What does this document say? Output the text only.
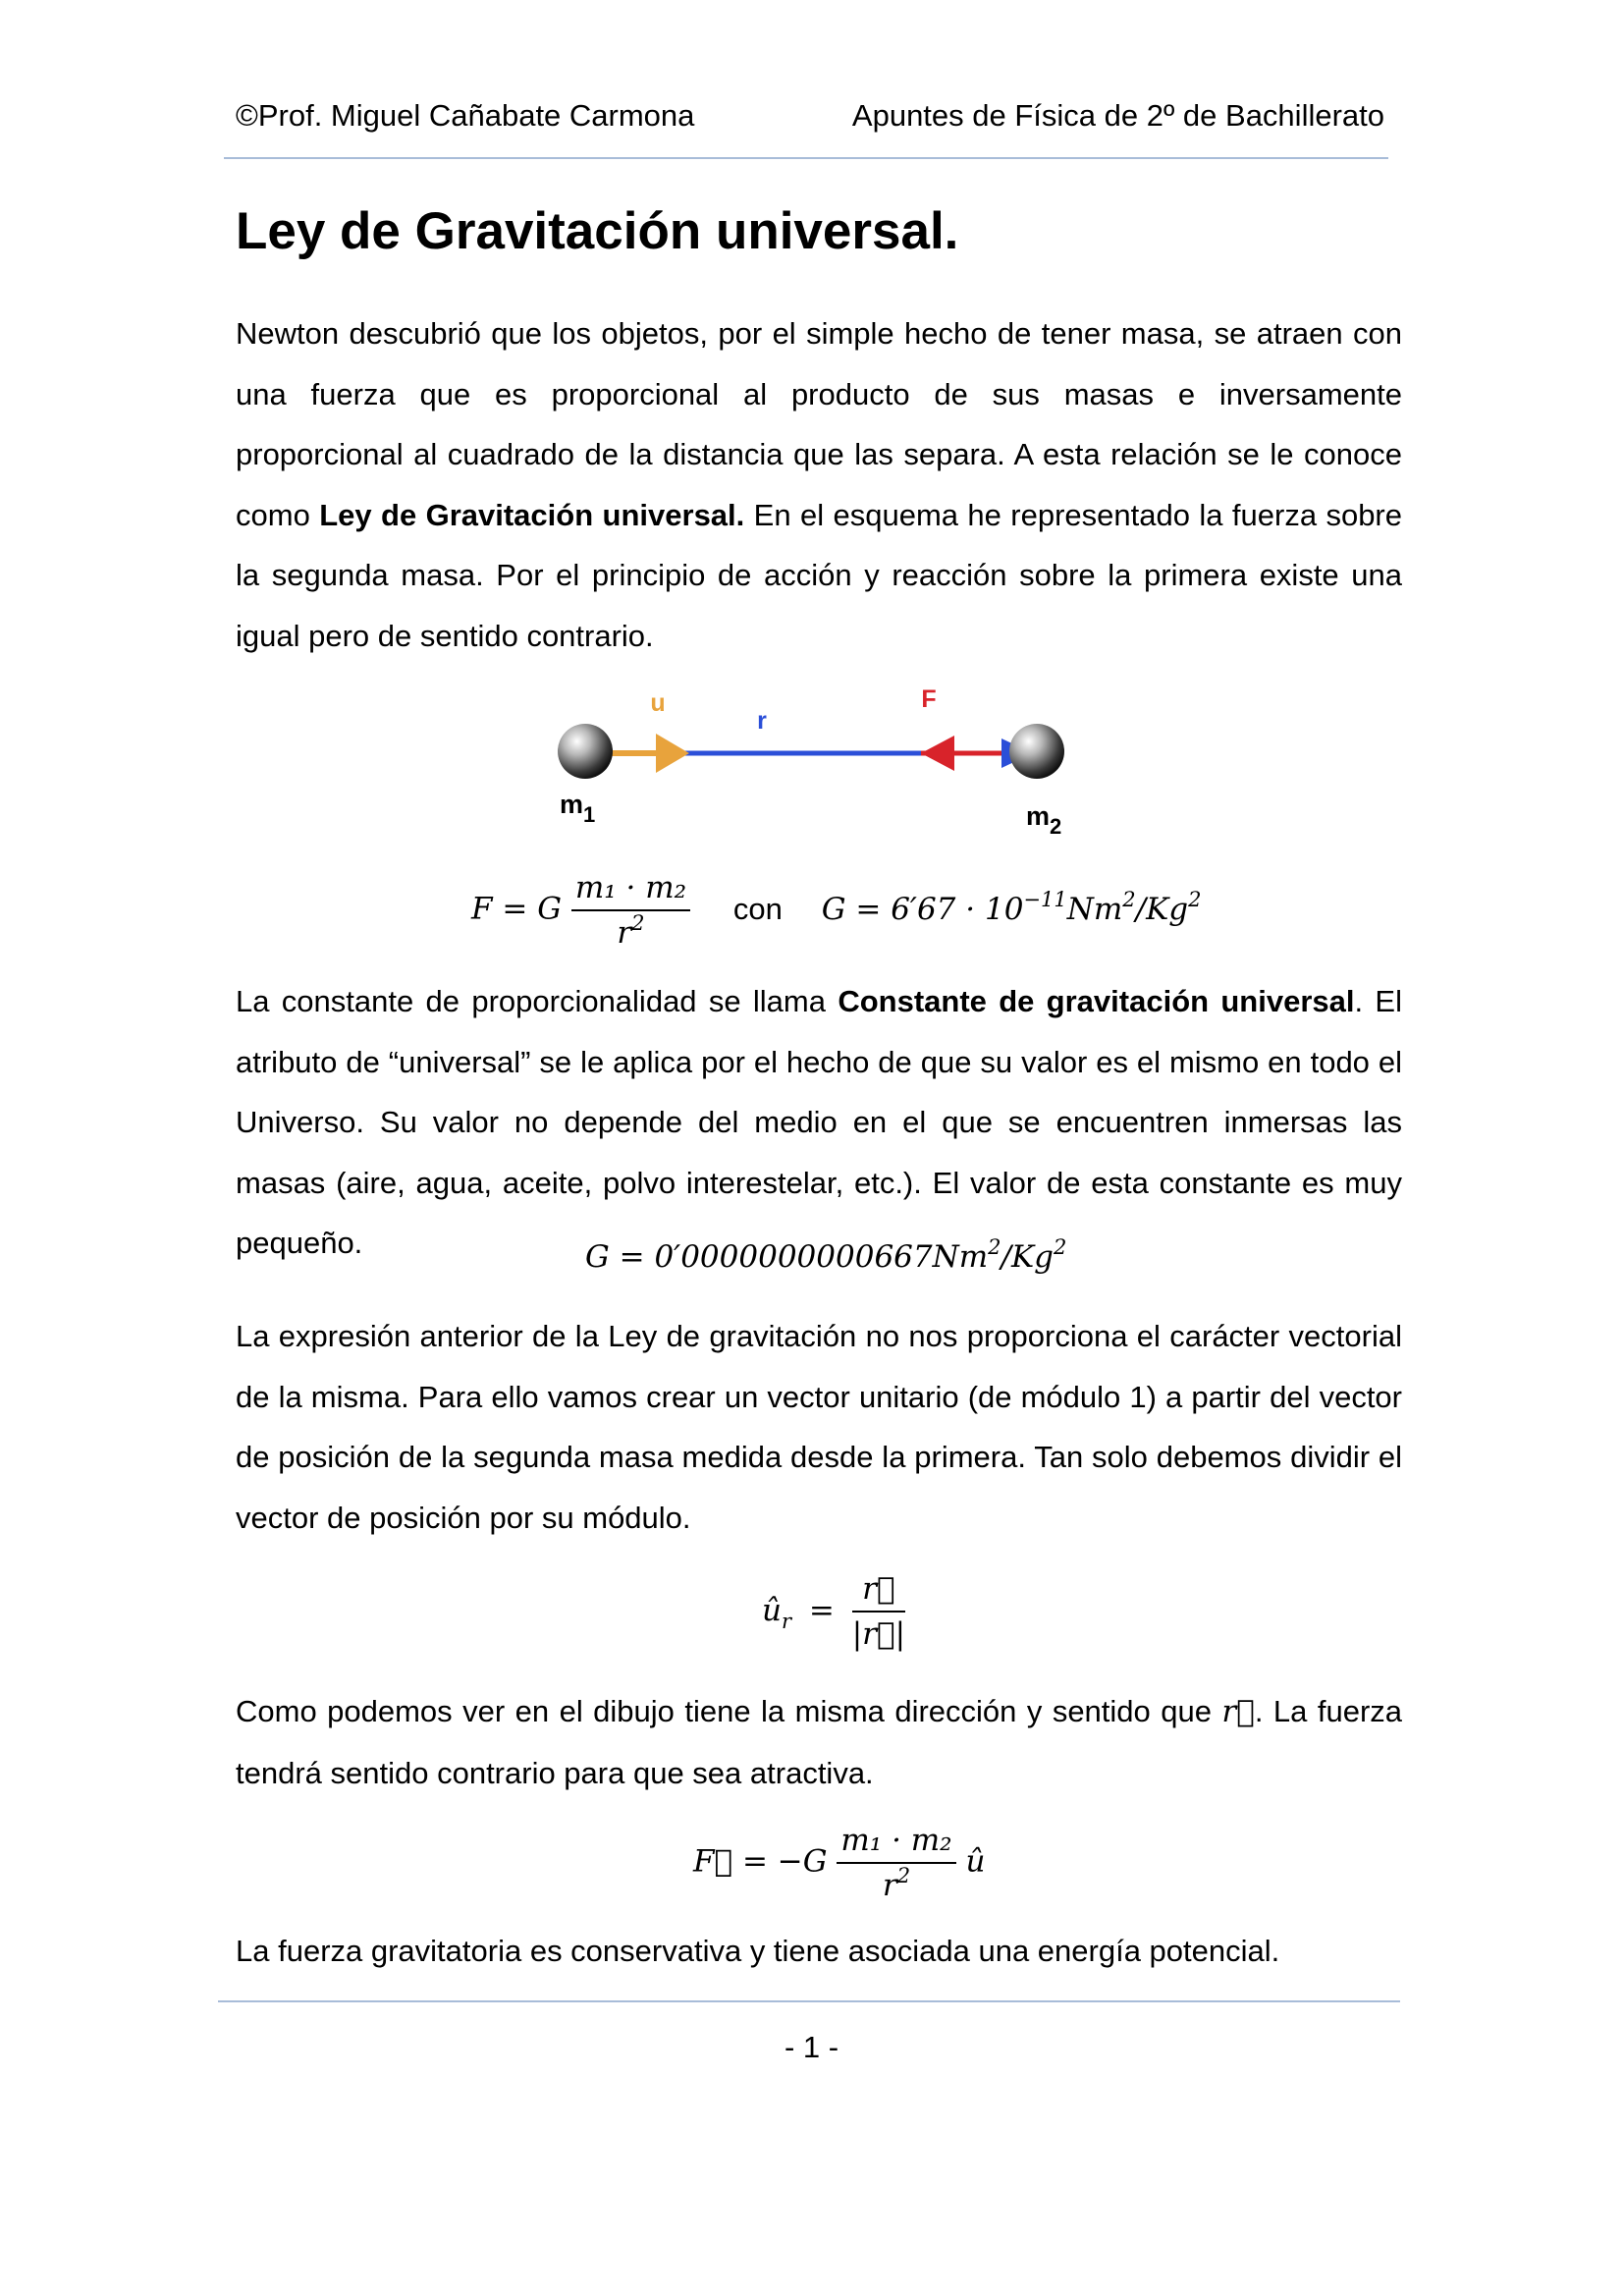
©Prof. Miguel Cañabate Carmona	Apuntes de Física de 2º de Bachillerato
Ley de Gravitación universal.

Newton descubrió que los objetos, por el simple hecho de tener masa, se atraen con una fuerza que es proporcional al producto de sus masas e inversamente proporcional al cuadrado de la distancia que las separa. A esta relación se le conoce como Ley de Gravitación universal. En el esquema he representado la fuerza sobre la segunda masa. Por el principio de acción y reacción sobre la primera existe una igual pero de sentido contrario.

u
r
F
$m_1$	$m_2$
F = G $\frac{\text{m₁ · m₂}}{r^2}$ con $G = 6'67 \cdot 10^{-11}Nm^2/Kg^2$

La constante de proporcionalidad se llama Constante de gravitación universal. El atributo de “universal” se le aplica por el hecho de que su valor es el mismo en todo el Universo. Su valor no depende del medio en el que se encuentren inmersas las masas (aire, agua, aceite, polvo interestelar, etc.). El valor de esta constante es muy pequeño.	$G = 0'0000000000667Nm^2/Kg^2$

La expresión anterior de la Ley de gravitación no nos proporciona el carácter vectorial de la misma. Para ello vamos crear un vector unitario (de módulo 1) a partir del vector de posición de la segunda masa medida desde la primera. Tan solo debemos dividir el vector de posición por su módulo.

$û_r = \frac{r⃗}{|r⃗|}$

Como podemos ver en el dibujo tiene la misma dirección y sentido que r⃗. La fuerza tendrá sentido contrario para que sea atractiva.

F⃗ = $-G \frac{\text{m₁ · m₂}}{r^2}$ û

La fuerza gravitatoria es conservativa y tiene asociada una energía potencial.

- 1 -
